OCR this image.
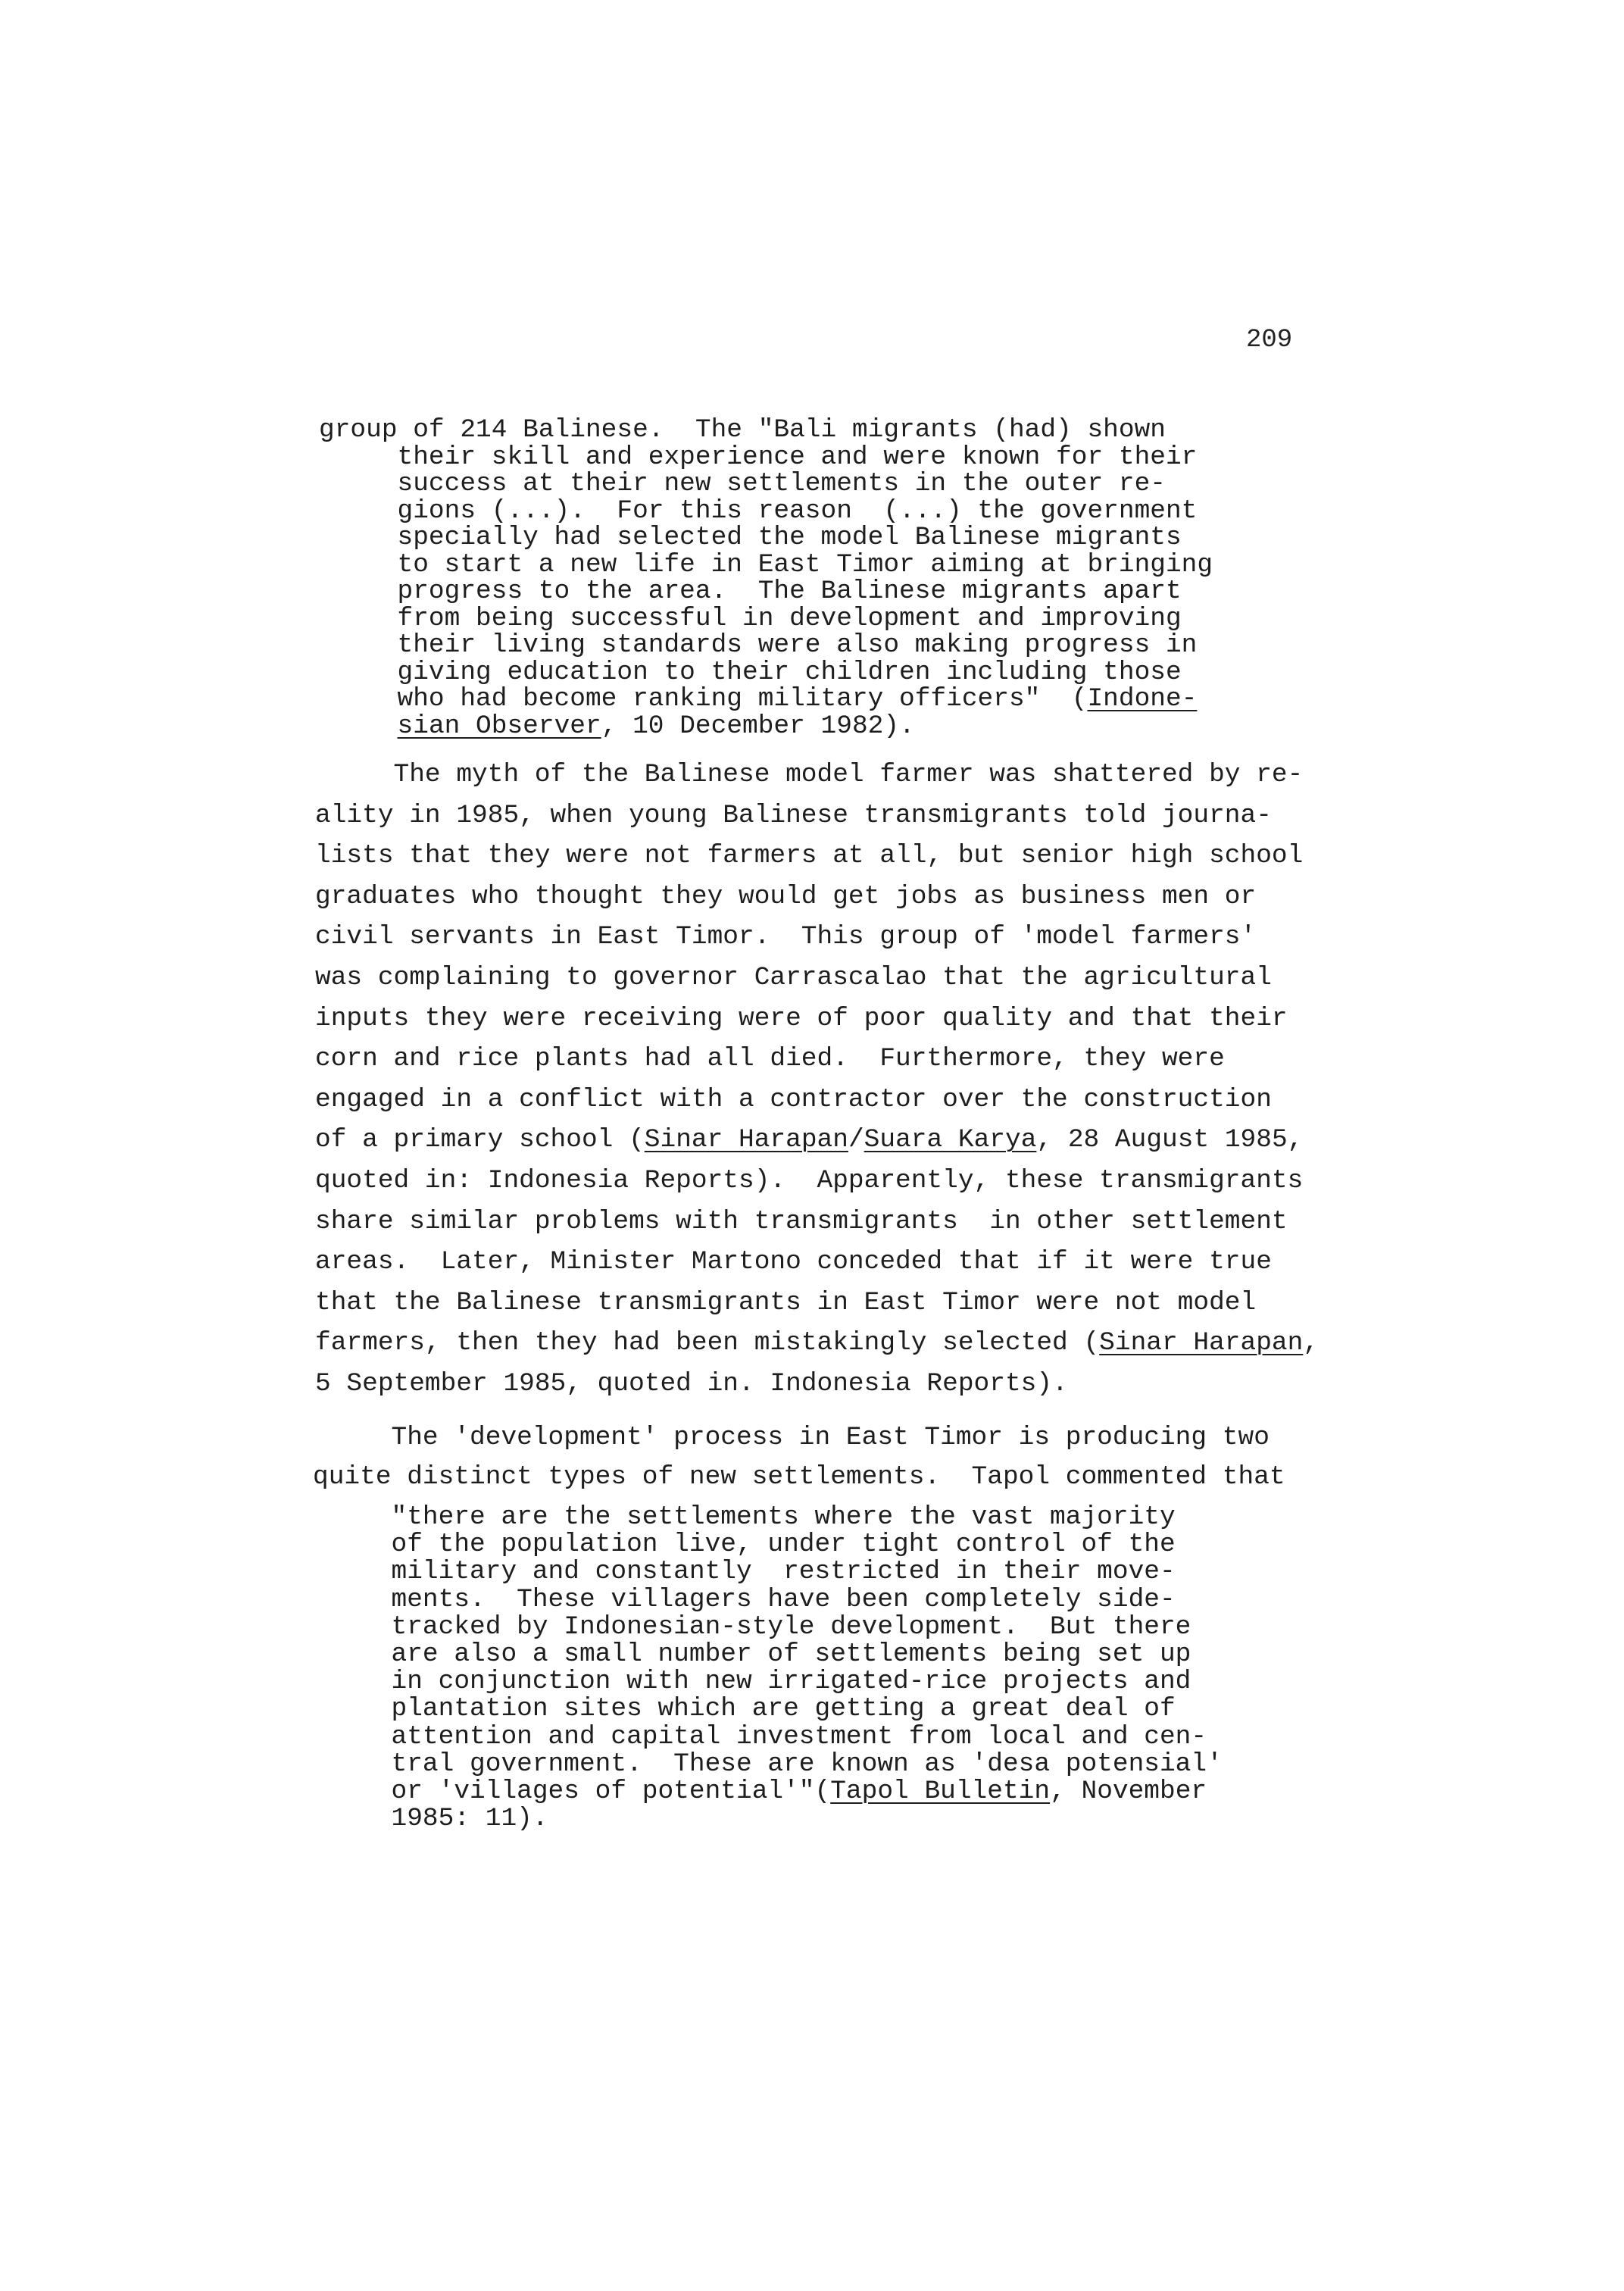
209
group of 214 Balinese.  The "Bali migrants (had) shown
their skill and experience and were known for their
success at their new settlements in the outer re-
gions (...).  For this reason  (...) the government
specially had selected the model Balinese migrants
to start a new life in East Timor aiming at bringing
progress to the area.  The Balinese migrants apart
from being successful in development and improving
their living standards were also making progress in
giving education to their children including those
who had become ranking military officers"  (Indone-
sian Observer, 10 December 1982).
The myth of the Balinese model farmer was shattered by re-
ality in 1985, when young Balinese transmigrants told journa-
lists that they were not farmers at all, but senior high school
graduates who thought they would get jobs as business men or
civil servants in East Timor.  This group of 'model farmers'
was complaining to governor Carrascalao that the agricultural
inputs they were receiving were of poor quality and that their
corn and rice plants had all died.  Furthermore, they were
engaged in a conflict with a contractor over the construction
of a primary school (Sinar Harapan/Suara Karya, 28 August 1985,
quoted in: Indonesia Reports).  Apparently, these transmigrants
share similar problems with transmigrants  in other settlement
areas.  Later, Minister Martono conceded that if it were true
that the Balinese transmigrants in East Timor were not model
farmers, then they had been mistakingly selected (Sinar Harapan,
5 September 1985, quoted in. Indonesia Reports).
The 'development' process in East Timor is producing two
quite distinct types of new settlements.  Tapol commented that
"there are the settlements where the vast majority
of the population live, under tight control of the
military and constantly  restricted in their move-
ments.  These villagers have been completely side-
tracked by Indonesian-style development.  But there
are also a small number of settlements being set up
in conjunction with new irrigated-rice projects and
plantation sites which are getting a great deal of
attention and capital investment from local and cen-
tral government.  These are known as 'desa potensial'
or 'villages of potential'"(Tapol Bulletin, November
1985: 11).
